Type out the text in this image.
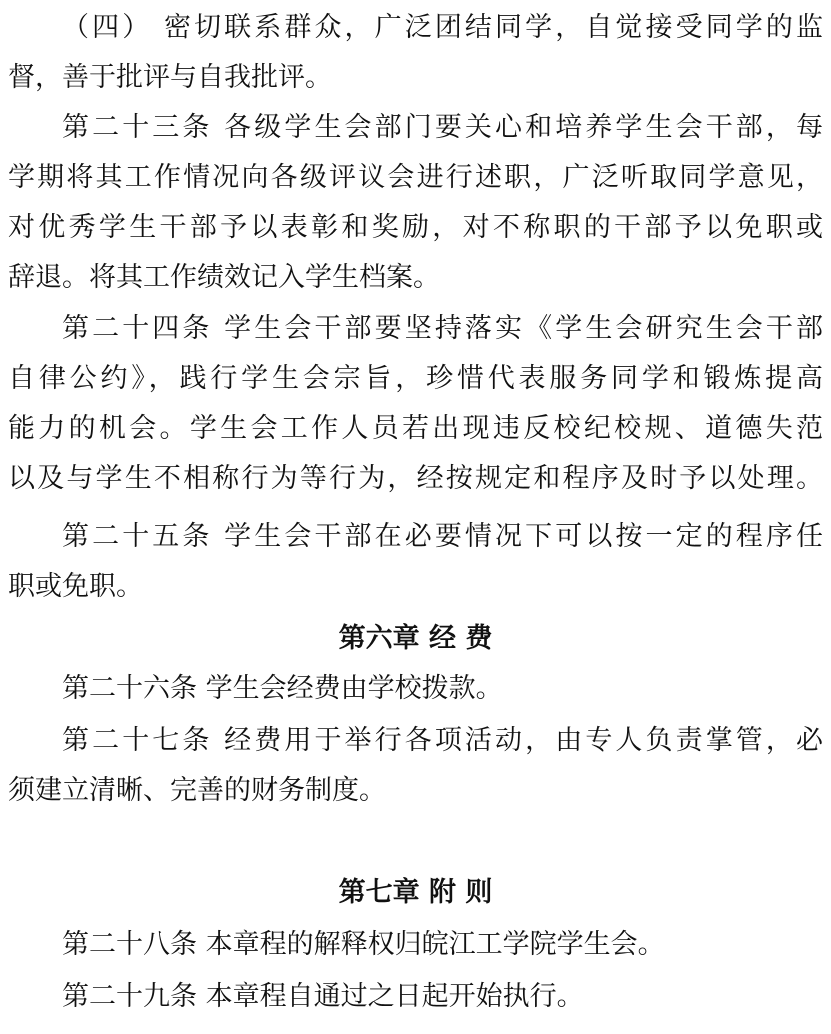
（四） 密切联系群众，广泛团结同学，自觉接受同学的监
督，善于批评与自我批评。
第二十三条 各级学生会部门要关心和培养学生会干部，每
学期将其工作情况向各级评议会进行述职，广泛听取同学意见，
对优秀学生干部予以表彰和奖励，对不称职的干部予以免职或
辞退。将其工作绩效记入学生档案。
第二十四条 学生会干部要坚持落实《学生会研究生会干部
自律公约》，践行学生会宗旨，珍惜代表服务同学和锻炼提高
能力的机会。学生会工作人员若出现违反校纪校规、道德失范
以及与学生不相称行为等行为，经按规定和程序及时予以处理。
第二十五条 学生会干部在必要情况下可以按一定的程序任
职或免职。
第六章 经 费
第二十六条 学生会经费由学校拨款。
第二十七条 经费用于举行各项活动，由专人负责掌管，必
须建立清晰、完善的财务制度。
第七章 附 则
第二十八条 本章程的解释权归皖江工学院学生会。
第二十九条 本章程自通过之日起开始执行。
